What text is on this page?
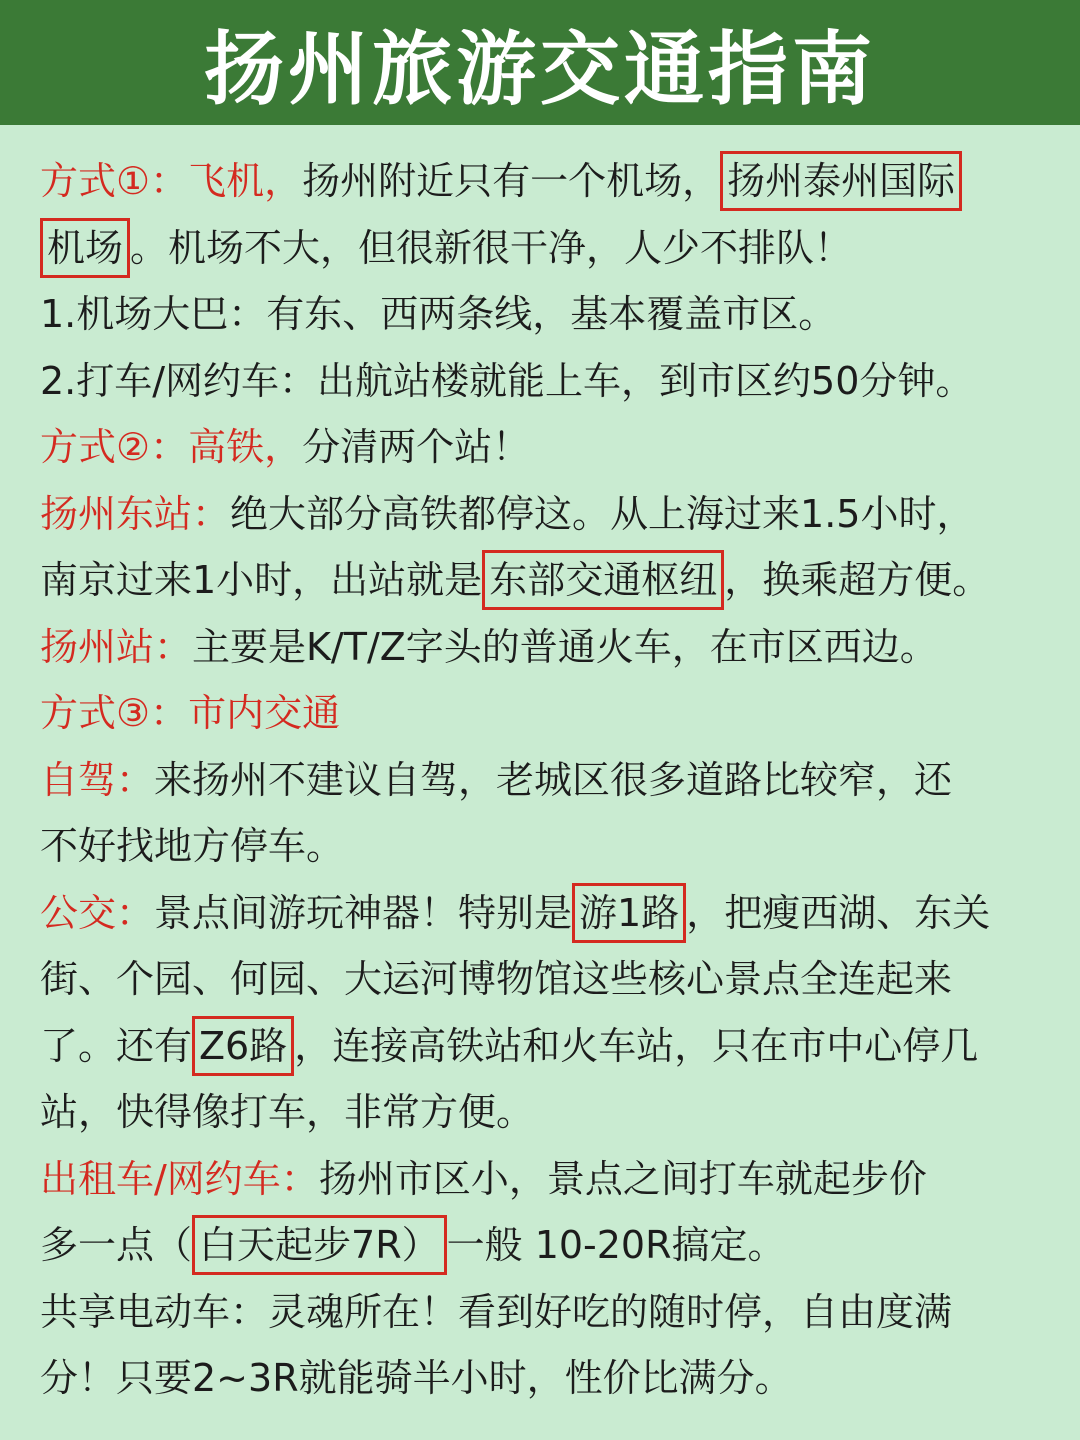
扬州旅游交通指南
方式①：飞机，扬州附近只有一个机场， 扬州泰州国际
机场 。机场不大，但很新很干净，人少不排队！
1.机场大巴：有东、西两条线，基本覆盖市区。
2.打车/网约车：出航站楼就能上车，到市区约50分钟。
方式②：高铁，分清两个站！
扬州东站：绝大部分高铁都停这。从上海过来1.5小时，
南京过来1小时，出站就是 东部交通枢纽 ，换乘超方便。
扬州站：主要是K/T/Z字头的普通火车，在市区西边。
方式③：市内交通
自驾：来扬州不建议自驾，老城区很多道路比较窄，还
不好找地方停车。
公交：景点间游玩神器！特别是 游1路 ，把瘦西湖、东关
街、个园、何园、大运河博物馆这些核心景点全连起来
了。还有 Z6路 ，连接高铁站和火车站，只在市中心停几
站，快得像打车，非常方便。
出租车/网约车：扬州市区小，景点之间打车就起步价
多一点（ 白天起步7R） 一般 10-20R搞定。
共享电动车：灵魂所在！看到好吃的随时停，自由度满
分！只要2~3R就能骑半小时，性价比满分。
